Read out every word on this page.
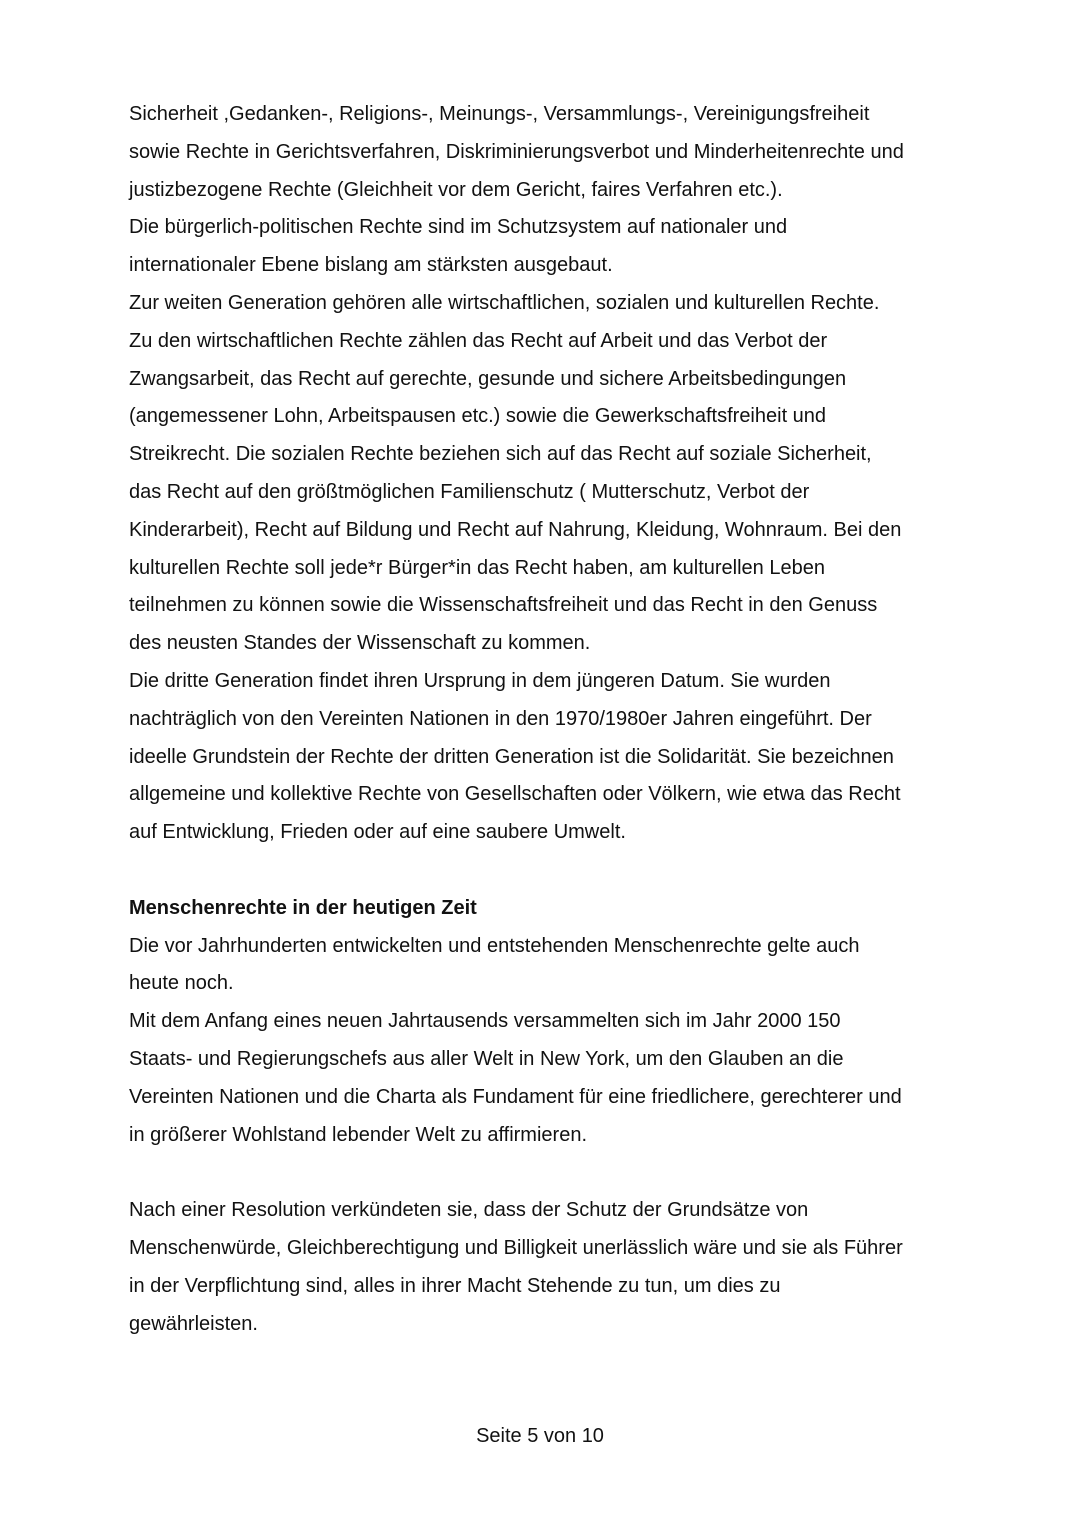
Sicherheit ,Gedanken-, Religions-, Meinungs-, Versammlungs-, Vereinigungsfreiheit
sowie Rechte in Gerichtsverfahren, Diskriminierungsverbot und Minderheitenrechte und
justizbezogene Rechte (Gleichheit vor dem Gericht, faires Verfahren etc.).
Die bürgerlich-politischen Rechte sind im Schutzsystem auf nationaler und
internationaler Ebene bislang am stärksten ausgebaut.
Zur weiten Generation gehören alle wirtschaftlichen, sozialen und kulturellen Rechte.
Zu den wirtschaftlichen Rechte zählen das Recht auf Arbeit und das Verbot der
Zwangsarbeit, das Recht auf gerechte, gesunde und sichere Arbeitsbedingungen
(angemessener Lohn, Arbeitspausen etc.) sowie die Gewerkschaftsfreiheit und
Streikrecht. Die sozialen Rechte beziehen sich auf das Recht auf soziale Sicherheit,
das Recht auf den größtmöglichen Familienschutz ( Mutterschutz, Verbot der
Kinderarbeit), Recht auf Bildung und Recht auf Nahrung, Kleidung, Wohnraum. Bei den
kulturellen Rechte soll jede*r Bürger*in das Recht haben, am kulturellen Leben
teilnehmen zu können sowie die Wissenschaftsfreiheit und das Recht in den Genuss
des neusten Standes der Wissenschaft zu kommen.
Die dritte Generation findet ihren Ursprung in dem jüngeren Datum. Sie wurden
nachträglich von den Vereinten Nationen in den 1970/1980er Jahren eingeführt. Der
ideelle Grundstein der Rechte der dritten Generation ist die Solidarität. Sie bezeichnen
allgemeine und kollektive Rechte von Gesellschaften oder Völkern, wie etwa das Recht
auf Entwicklung, Frieden oder auf eine saubere Umwelt.
Menschenrechte in der heutigen Zeit
Die vor Jahrhunderten entwickelten und entstehenden Menschenrechte gelte auch
heute noch.
Mit dem Anfang eines neuen Jahrtausends versammelten sich im Jahr 2000 150
Staats- und Regierungschefs aus aller Welt in New York, um den Glauben an die
Vereinten Nationen und die Charta als Fundament für eine friedlichere, gerechterer und
in größerer Wohlstand lebender Welt zu affirmieren.
Nach einer Resolution verkündeten sie, dass der Schutz der Grundsätze von
Menschenwürde, Gleichberechtigung und Billigkeit unerlässlich wäre und sie als Führer
in der Verpflichtung sind, alles in ihrer Macht Stehende zu tun, um dies zu
gewährleisten.
Seite 5 von 10
